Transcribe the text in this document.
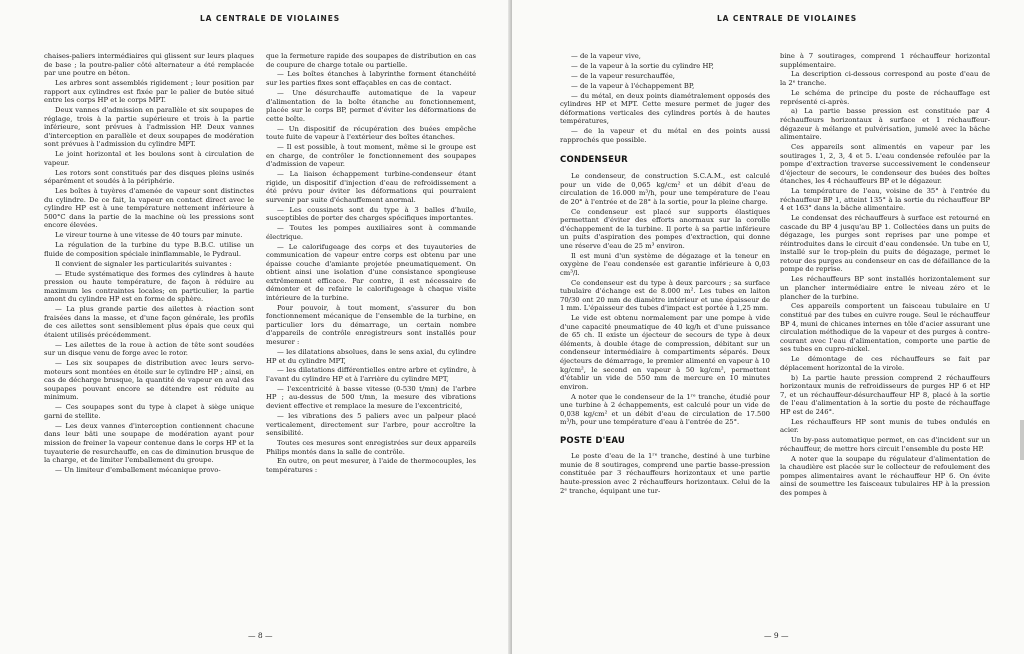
LA CENTRALE DE VIOLAINES

chaises-paliers intermédiaires qui glissent sur leurs plaques de base ; la poutre-palier côté alternateur a été remplacée par une poutre en béton.

Les arbres sont assemblés rigidement ; leur position par rapport aux cylindres est fixée par le palier de butée situé entre les corps HP et le corps MPT.

Deux vannes d'admission en parallèle et six soupapes de réglage, trois à la partie supérieure et trois à la partie inférieure, sont prévues à l'admission HP. Deux vannes d'interception en parallèle et deux soupapes de modération sont prévues à l'admission du cylindre MPT.

Le joint horizontal et les boulons sont à circulation de vapeur.

Les rotors sont constitués par des disques pleins usinés séparément et soudés à la périphérie.

Les boîtes à tuyères d'amenée de vapeur sont distinctes du cylindre. De ce fait, la vapeur en contact direct avec le cylindre HP est à une température nettement inférieure à 500°C dans la partie de la machine où les pressions sont encore élevées.

Le vireur tourne à une vitesse de 40 tours par minute.

La régulation de la turbine du type B.B.C. utilise un fluide de composition spéciale ininflammable, le Pydraul.

Il convient de signaler les particularités suivantes :

— Etude systématique des formes des cylindres à haute pression ou haute température, de façon à réduire au maximum les contraintes locales; en particulier, la partie amont du cylindre HP est en forme de sphère.

— La plus grande partie des ailettes à réaction sont fraisées dans la masse, et d'une façon générale, les profils de ces ailettes sont sensiblement plus épais que ceux qui étaient utilisés précédemment.

— Les ailettes de la roue à action de tête sont soudées sur un disque venu de forge avec le rotor.

— Les six soupapes de distribution avec leurs servo-moteurs sont montées en étoile sur le cylindre HP ; ainsi, en cas de décharge brusque, la quantité de vapeur en aval des soupapes pouvant encore se détendre est réduite au minimum.

— Ces soupapes sont du type à clapet à siège unique garni de stellite.

— Les deux vannes d'interception contiennent chacune dans leur bâti une soupape de modération ayant pour mission de freiner la vapeur contenue dans le corps HP et la tuyauterie de resurchauffe, en cas de diminution brusque de la charge, et de limiter l'emballement du groupe.

— Un limiteur d'emballement mécanique provo-

que la fermeture rapide des soupapes de distribution en cas de coupure de charge totale ou partielle.

— Les boîtes étanches à labyrinthe forment étanchéité sur les parties fixes sont effaçables en cas de contact.

— Une désurchauffe automatique de la vapeur d'alimentation de la boîte étanche au fonctionnement, placée sur le corps BP, permet d'éviter les déformations de cette boîte.

— Un dispositif de récupération des buées empêche toute fuite de vapeur à l'extérieur des boîtes étanches.

— Il est possible, à tout moment, même si le groupe est en charge, de contrôler le fonctionnement des soupapes d'admission de vapeur.

— La liaison échappement turbine-condenseur étant rigide, un dispositif d'injection d'eau de refroidissement a été prévu pour éviter les déformations qui pourraient survenir par suite d'échauffement anormal.

— Les coussinets sont du type à 3 balles d'huile, susceptibles de porter des charges spécifiques importantes.

— Toutes les pompes auxiliaires sont à commande électrique.

— Le calorifugeage des corps et des tuyauteries de communication de vapeur entre corps est obtenu par une épaisse couche d'amiante projetée pneumatiquement. On obtient ainsi une isolation d'une consistance spongieuse extrêmement efficace. Par contre, il est nécessaire de démonter et de refaire le calorifugeage à chaque visite intérieure de la turbine.

Pour pouvoir, à tout moment, s'assurer du bon fonctionnement mécanique de l'ensemble de la turbine, en particulier lors du démarrage, un certain nombre d'appareils de contrôle enregistreurs sont installés pour mesurer :

— les dilatations absolues, dans le sens axial, du cylindre HP et du cylindre MPT,

— les dilatations différentielles entre arbre et cylindre, à l'avant du cylindre HP et à l'arrière du cylindre MPT,

— l'excentricité à basse vitesse (0-530 t/mn) de l'arbre HP ; au-dessus de 500 t/mn, la mesure des vibrations devient effective et remplace la mesure de l'excentricité,

— les vibrations des 5 paliers avec un palpeur placé verticalement, directement sur l'arbre, pour accroître la sensibilité.

Toutes ces mesures sont enregistrées sur deux appareils Philips montés dans la salle de contrôle.

En outre, on peut mesurer, à l'aide de thermocouples, les températures :

— 8 —
LA CENTRALE DE VIOLAINES

— de la vapeur vive,

— de la vapeur à la sortie du cylindre HP,

— de la vapeur resurchauffée,

— de la vapeur à l'échappement BP,

— du métal, en deux points diamétralement opposés des cylindres HP et MPT. Cette mesure permet de juger des déformations verticales des cylindres portés à de hautes températures,

— de la vapeur et du métal en des points aussi rapprochés que possible.

CONDENSEUR

Le condenseur, de construction S.C.A.M., est calculé pour un vide de 0,065 kg/cm² et un débit d'eau de circulation de 16.000 m³/h, pour une température de l'eau de 20° à l'entrée et de 28° à la sortie, pour la pleine charge.

Ce condenseur est placé sur supports élastiques permettant d'éviter des efforts anormaux sur la corolle d'échappement de la turbine. Il porte à sa partie inférieure un puits d'aspiration des pompes d'extraction, qui donne une réserve d'eau de 25 m³ environ.

Il est muni d'un système de dégazage et la teneur en oxygène de l'eau condensée est garantie inférieure à 0,03 cm³/l.

Ce condenseur est du type à deux parcours ; sa surface tubulaire d'échange est de 8.000 m². Les tubes en laiton 70/30 ont 20 mm de diamètre intérieur et une épaisseur de 1 mm. L'épaisseur des tubes d'impact est portée à 1,25 mm.

Le vide est obtenu normalement par une pompe à vide d'une capacité pneumatique de 40 kg/h et d'une puissance de 65 ch. Il existe un éjecteur de secours de type à deux éléments, à double étage de compression, débitant sur un condenseur intermédiaire à compartiments séparés. Deux éjecteurs de démarrage, le premier alimenté en vapeur à 10 kg/cm², le second en vapeur à 50 kg/cm², permettent d'établir un vide de 550 mm de mercure en 10 minutes environ.

A noter que le condenseur de la 1ʳᵉ tranche, étudié pour une turbine à 2 échappements, est calculé pour un vide de 0,038 kg/cm² et un débit d'eau de circulation de 17.500 m³/h, pour une température d'eau à l'entrée de 25°.

POSTE D'EAU

Le poste d'eau de la 1ʳᵉ tranche, destiné à une turbine munie de 8 soutirages, comprend une partie basse-pression constituée par 3 réchauffeurs horizontaux et une partie haute-pression avec 2 réchauffeurs horizontaux. Celui de la 2ᵉ tranche, équipant une tur-

bine à 7 soutirages, comprend 1 réchauffeur horizontal supplémentaire.

La description ci-dessous correspond au poste d'eau de la 2ᵉ tranche.

Le schéma de principe du poste de réchauffage est représenté ci-après.

a) La partie basse pression est constituée par 4 réchauffeurs horizontaux à surface et 1 réchauffeur-dégazeur à mélange et pulvérisation, jumelé avec la bâche alimentaire.

Ces appareils sont alimentés en vapeur par les soutirages 1, 2, 3, 4 et 5. L'eau condensée refoulée par la pompe d'extraction traverse successivement le condenseur d'éjecteur de secours, le condenseur des buées des boîtes étanches, les 4 réchauffeurs BP et le dégazeur.

La température de l'eau, voisine de 35° à l'entrée du réchauffeur BP 1, atteint 135° à la sortie du réchauffeur BP 4 et 163° dans la bâche alimentaire.

Le condensat des réchauffeurs à surface est retourné en cascade du BP 4 jusqu'au BP 1. Collectées dans un puits de dégazage, les purges sont reprises par une pompe et réintroduites dans le circuit d'eau condensée. Un tube en U, installé sur le trop-plein du puits de dégazage, permet le retour des purges au condenseur en cas de défaillance de la pompe de reprise.

Les réchauffeurs BP sont installés horizontalement sur un plancher intermédiaire entre le niveau zéro et le plancher de la turbine.

Ces appareils comportent un faisceau tubulaire en U constitué par des tubes en cuivre rouge. Seul le réchauffeur BP 4, muni de chicanes internes en tôle d'acier assurant une circulation méthodique de la vapeur et des purges à contre-courant avec l'eau d'alimentation, comporte une partie de ses tubes en cupro-nickel.

Le démontage de ces réchauffeurs se fait par déplacement horizontal de la virole.

b) La partie haute pression comprend 2 réchauffeurs horizontaux munis de refroidisseurs de purges HP 6 et HP 7, et un réchauffeur-désurchauffeur HP 8, placé à la sortie de l'eau d'alimentation à la sortie du poste de réchauffage HP est de 246°.

Les réchauffeurs HP sont munis de tubes ondulés en acier.

Un by-pass automatique permet, en cas d'incident sur un réchauffeur, de mettre hors circuit l'ensemble du poste HP.

A noter que la soupape du régulateur d'alimentation de la chaudière est placée sur le collecteur de refoulement des pompes alimentaires avant le réchauffeur HP 6. On évite ainsi de soumettre les faisceaux tubulaires HP à la pression des pompes à

— 9 —
